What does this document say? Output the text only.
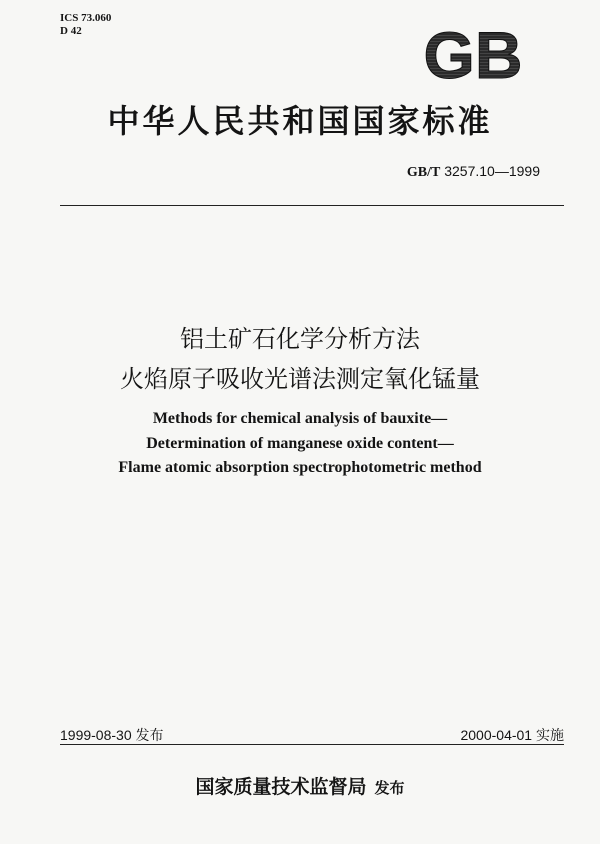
ICS 73.060
D 42	GB
中华人民共和国国家标准
GB/T 3257.10—1999
铝土矿石化学分析方法
火焰原子吸收光谱法测定氧化锰量
Methods for chemical analysis of bauxite—
Determination of manganese oxide content—
Flame atomic absorption spectrophotometric method
1999-08-30 发布	2000-04-01 实施
国家质量技术监督局 发布
